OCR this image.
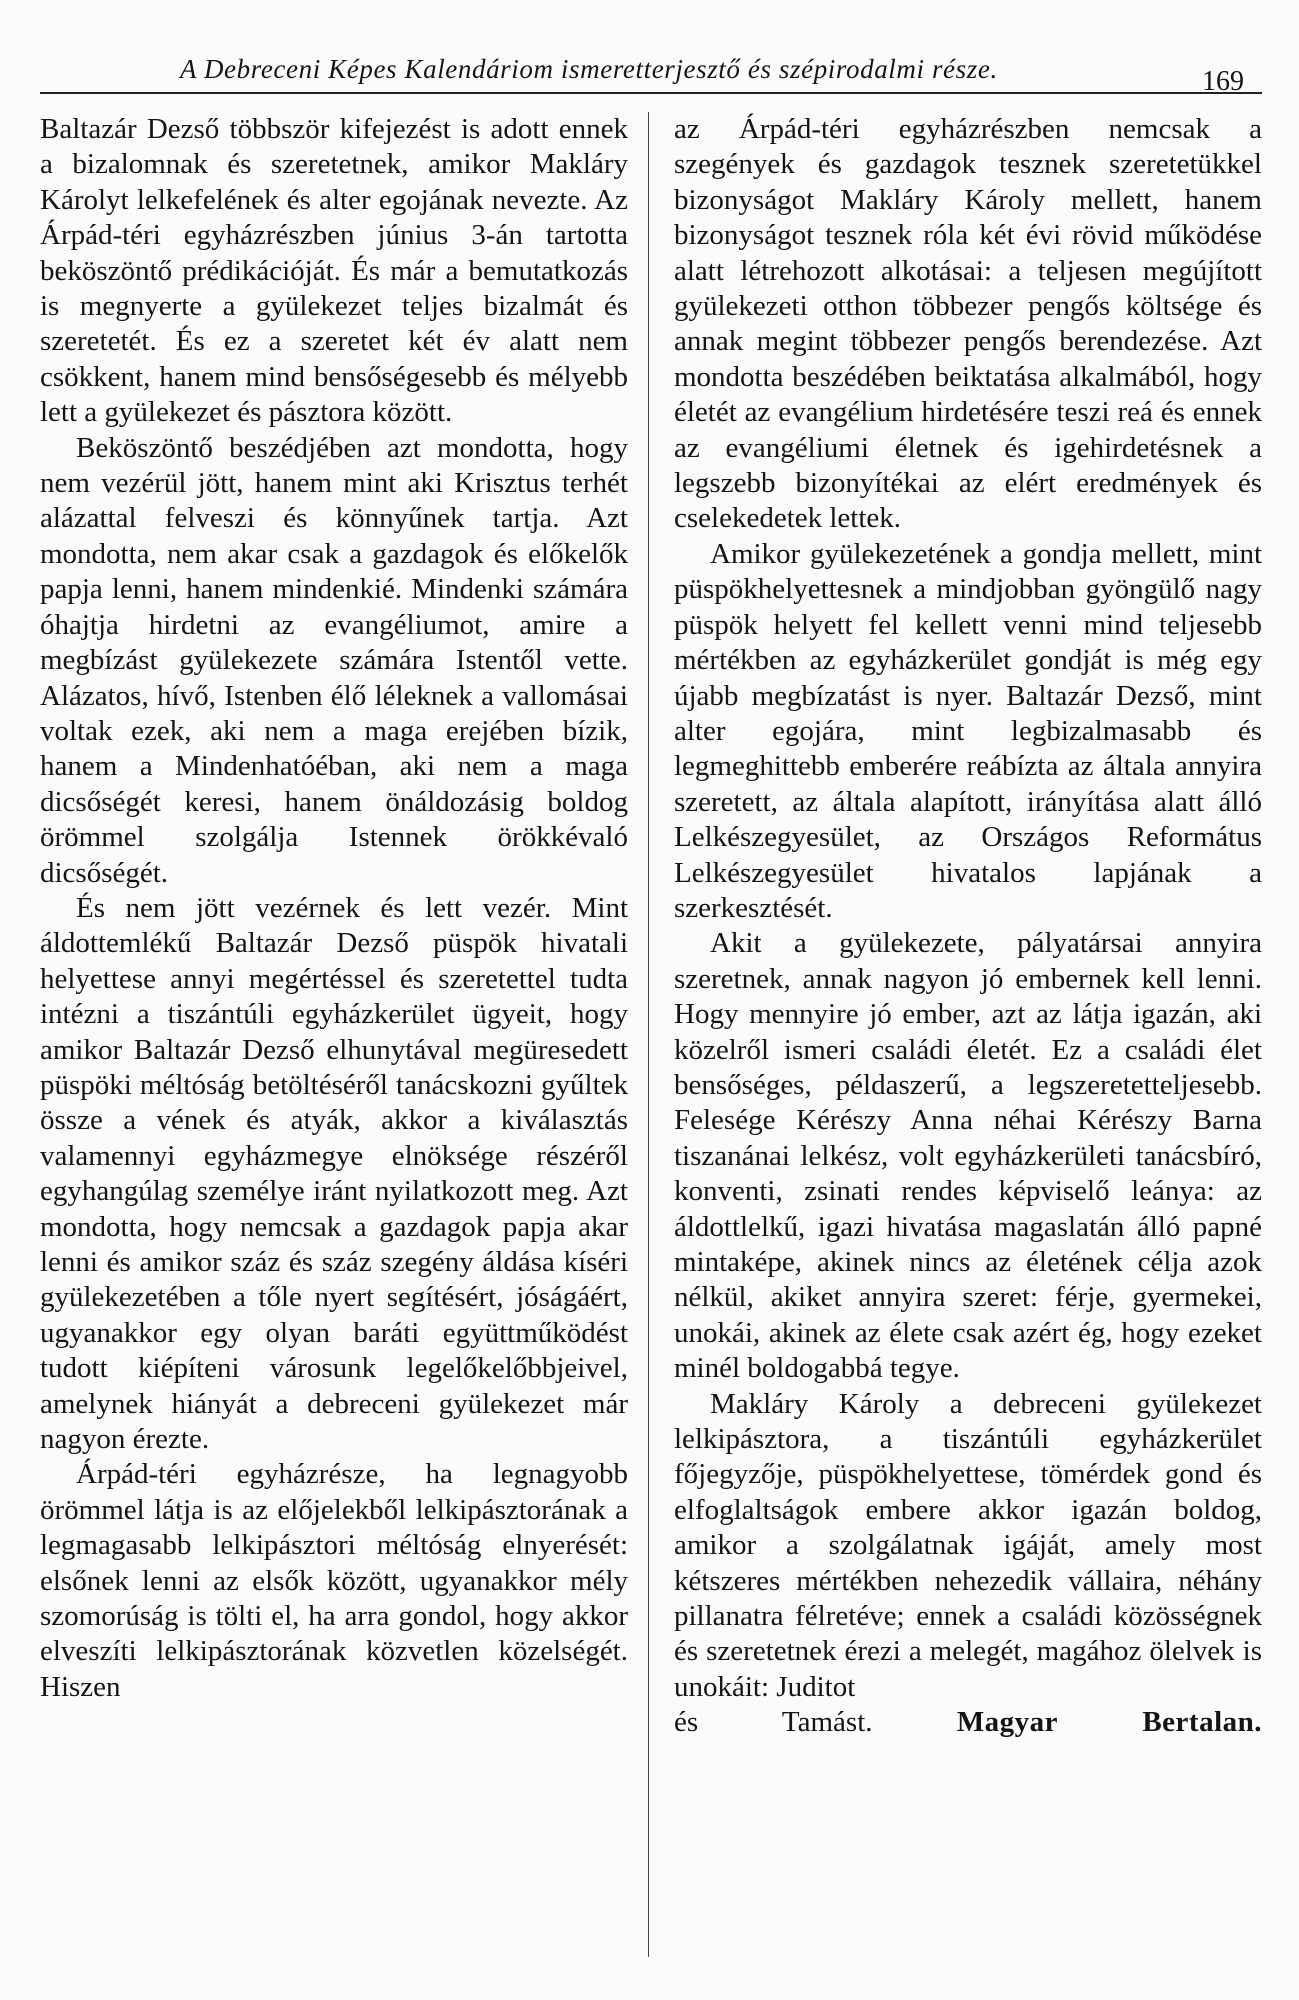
A Debreceni Képes Kalendáriom ismeretterjesztő és szépirodalmi része.	169

Baltazár Dezső többször kifejezést is adott ennek a bizalomnak és szeretetnek, amikor Makláry Károlyt lelkefelének és alter egojának nevezte. Az Árpád-téri egyházrészben június 3-án tartotta beköszöntő prédikációját. És már a bemutatkozás is megnyerte a gyülekezet teljes bizalmát és szeretetét. És ez a szeretet két év alatt nem csökkent, hanem mind bensőségesebb és mélyebb lett a gyülekezet és pásztora között.

Beköszöntő beszédjében azt mondotta, hogy nem vezérül jött, hanem mint aki Krisztus terhét alázattal felveszi és könnyűnek tartja. Azt mondotta, nem akar csak a gazdagok és előkelők papja lenni, hanem mindenkié. Mindenki számára óhajtja hirdetni az evangéliumot, amire a megbízást gyülekezete számára Istentől vette. Alázatos, hívő, Istenben élő léleknek a vallomásai voltak ezek, aki nem a maga erejében bízik, hanem a Mindenhatóéban, aki nem a maga dicsőségét keresi, hanem önáldozásig boldog örömmel szolgálja Istennek örökkévaló dicsőségét.

És nem jött vezérnek és lett vezér. Mint áldottemlékű Baltazár Dezső püspök hivatali helyettese annyi megértéssel és szeretettel tudta intézni a tiszántúli egyházkerület ügyeit, hogy amikor Baltazár Dezső elhunytával megüresedett püspöki méltóság betöltéséről tanácskozni gyűltek össze a vének és atyák, akkor a kiválasztás valamennyi egyházmegye elnöksége részéről egyhangúlag személye iránt nyilatkozott meg. Azt mondotta, hogy nemcsak a gazdagok papja akar lenni és amikor száz és száz szegény áldása kíséri gyülekezetében a tőle nyert segítésért, jóságáért, ugyanakkor egy olyan baráti együttműködést tudott kiépíteni városunk legelőkelőbbjeivel, amelynek hiányát a debreceni gyülekezet már nagyon érezte.

Árpád-téri egyházrésze, ha legnagyobb örömmel látja is az előjelekből lelkipásztorának a legmagasabb lelkipásztori méltóság elnyerését: elsőnek lenni az elsők között, ugyanakkor mély szomorúság is tölti el, ha arra gondol, hogy akkor elveszíti lelkipásztorának közvetlen közelségét. Hiszen

az Árpád-téri egyházrészben nemcsak a szegények és gazdagok tesznek szeretetükkel bizonyságot Makláry Károly mellett, hanem bizonyságot tesznek róla két évi rövid működése alatt létrehozott alkotásai: a teljesen megújított gyülekezeti otthon többezer pengős költsége és annak megint többezer pengős berendezése. Azt mondotta beszédében beiktatása alkalmából, hogy életét az evangélium hirdetésére teszi reá és ennek az evangéliumi életnek és igehirdetésnek a legszebb bizonyítékai az elért eredmények és cselekedetek lettek.

Amikor gyülekezetének a gondja mellett, mint püspökhelyettesnek a mindjobban gyöngülő nagy püspök helyett fel kellett venni mind teljesebb mértékben az egyházkerület gondját is még egy újabb megbízatást is nyer. Baltazár Dezső, mint alter egojára, mint legbizalmasabb és legmeghittebb emberére reábízta az általa annyira szeretett, az általa alapított, irányítása alatt álló Lelkészegyesület, az Országos Református Lelkészegyesület hivatalos lapjának a szerkesztését.

Akit a gyülekezete, pályatársai annyira szeretnek, annak nagyon jó embernek kell lenni. Hogy mennyire jó ember, azt az látja igazán, aki közelről ismeri családi életét. Ez a családi élet bensőséges, példaszerű, a legszeretetteljesebb. Felesége Kérészy Anna néhai Kérészy Barna tiszanánai lelkész, volt egyházkerületi tanácsbíró, konventi, zsinati rendes képviselő leánya: az áldottlelkű, igazi hivatása magaslatán álló papné mintaképe, akinek nincs az életének célja azok nélkül, akiket annyira szeret: férje, gyermekei, unokái, akinek az élete csak azért ég, hogy ezeket minél boldogabbá tegye.

Makláry Károly a debreceni gyülekezet lelkipásztora, a tiszántúli egyházkerület főjegyzője, püspökhelyettese, tömérdek gond és elfoglaltságok embere akkor igazán boldog, amikor a szolgálatnak igáját, amely most kétszeres mértékben nehezedik vállaira, néhány pillanatra félretéve; ennek a családi közösségnek és szeretetnek érezi a melegét, magához ölelvek is unokáit: Juditot

és Tamást.	Magyar Bertalan.
